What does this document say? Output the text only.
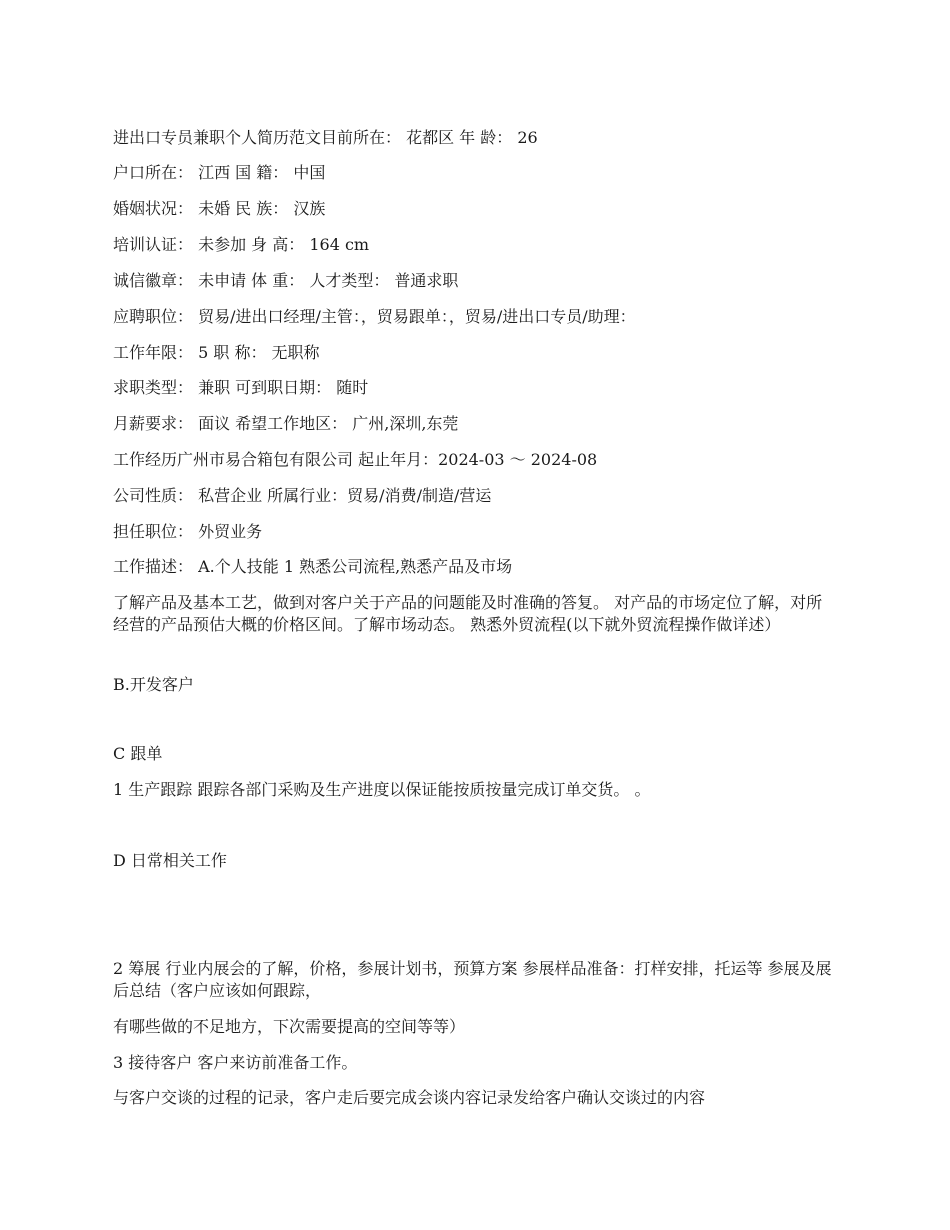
进出口专员兼职个人简历范文目前所在： 花都区 年 龄： 26
户口所在： 江西 国 籍： 中国
婚姻状况： 未婚 民 族： 汉族
培训认证： 未参加 身 高： 164 cm
诚信徽章： 未申请 体 重： 人才类型： 普通求职
应聘职位： 贸易/进出口经理/主管：，贸易跟单：，贸易/进出口专员/助理：
工作年限： 5 职 称： 无职称
求职类型： 兼职 可到职日期： 随时
月薪要求： 面议 希望工作地区： 广州,深圳,东莞
工作经历广州市易合箱包有限公司 起止年月：2024-03 ～ 2024-08
公司性质： 私营企业 所属行业：贸易/消费/制造/营运
担任职位： 外贸业务
工作描述： A.个人技能 1 熟悉公司流程,熟悉产品及市场
了解产品及基本工艺，做到对客户关于产品的问题能及时准确的答复。 对产品的市场定位了解，对所经营的产品预估大概的价格区间。了解市场动态。 熟悉外贸流程(以下就外贸流程操作做详述）
B.开发客户
C 跟单
1 生产跟踪 跟踪各部门采购及生产进度以保证能按质按量完成订单交货。 。
D 日常相关工作
2 筹展 行业内展会的了解，价格，参展计划书，预算方案 参展样品准备：打样安排，托运等 参展及展后总结（客户应该如何跟踪，
有哪些做的不足地方，下次需要提高的空间等等）
3 接待客户 客户来访前准备工作。
与客户交谈的过程的记录，客户走后要完成会谈内容记录发给客户确认交谈过的内容
